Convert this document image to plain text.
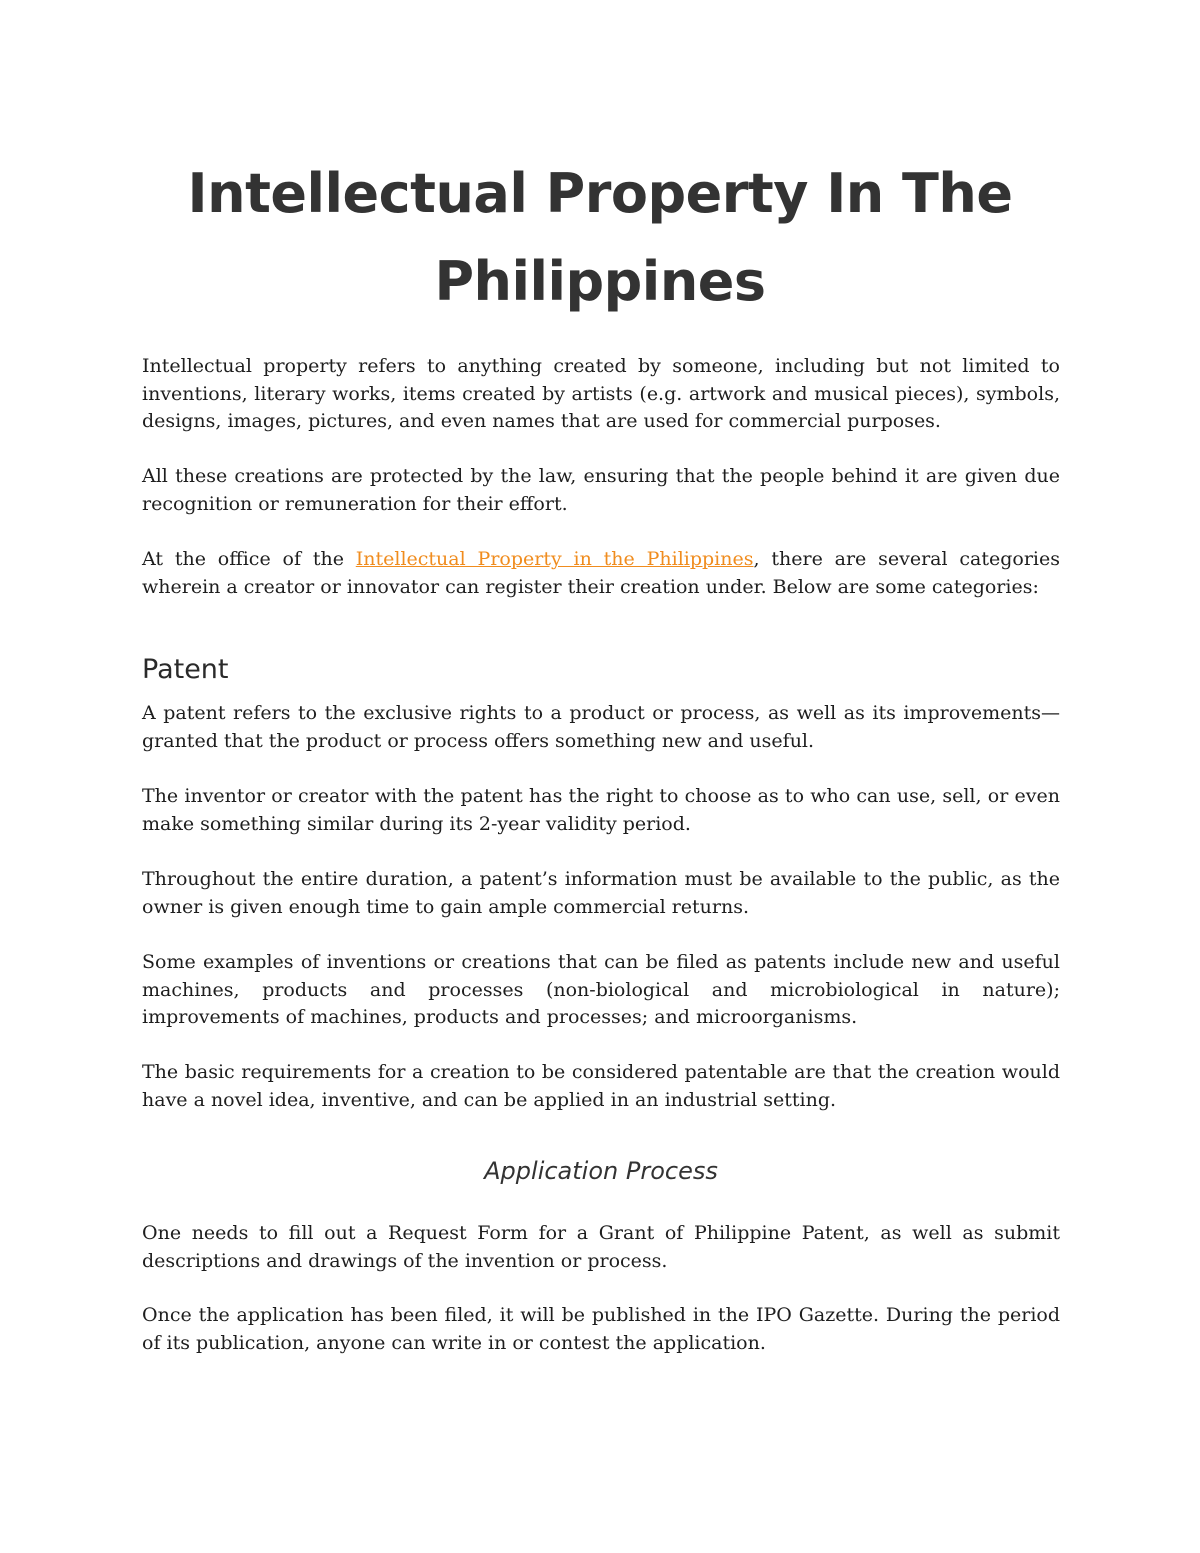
Intellectual Property In The Philippines

Intellectual property refers to anything created by someone, including but not limited to inventions, literary works, items created by artists (e.g. artwork and musical pieces), symbols, designs, images, pictures, and even names that are used for commercial purposes.

All these creations are protected by the law, ensuring that the people behind it are given due recognition or remuneration for their effort.

At the office of the Intellectual Property in the Philippines, there are several categories wherein a creator or innovator can register their creation under. Below are some categories:

Patent

A patent refers to the exclusive rights to a product or process, as well as its improvements—granted that the product or process offers something new and useful.

The inventor or creator with the patent has the right to choose as to who can use, sell, or even make something similar during its 2-year validity period.

Throughout the entire duration, a patent’s information must be available to the public, as the owner is given enough time to gain ample commercial returns.

Some examples of inventions or creations that can be filed as patents include new and useful machines, products and processes (non-biological and microbiological in nature); improvements of machines, products and processes; and microorganisms.

The basic requirements for a creation to be considered patentable are that the creation would have a novel idea, inventive, and can be applied in an industrial setting.

Application Process

One needs to fill out a Request Form for a Grant of Philippine Patent, as well as submit descriptions and drawings of the invention or process.

Once the application has been filed, it will be published in the IPO Gazette. During the period of its publication, anyone can write in or contest the application.
